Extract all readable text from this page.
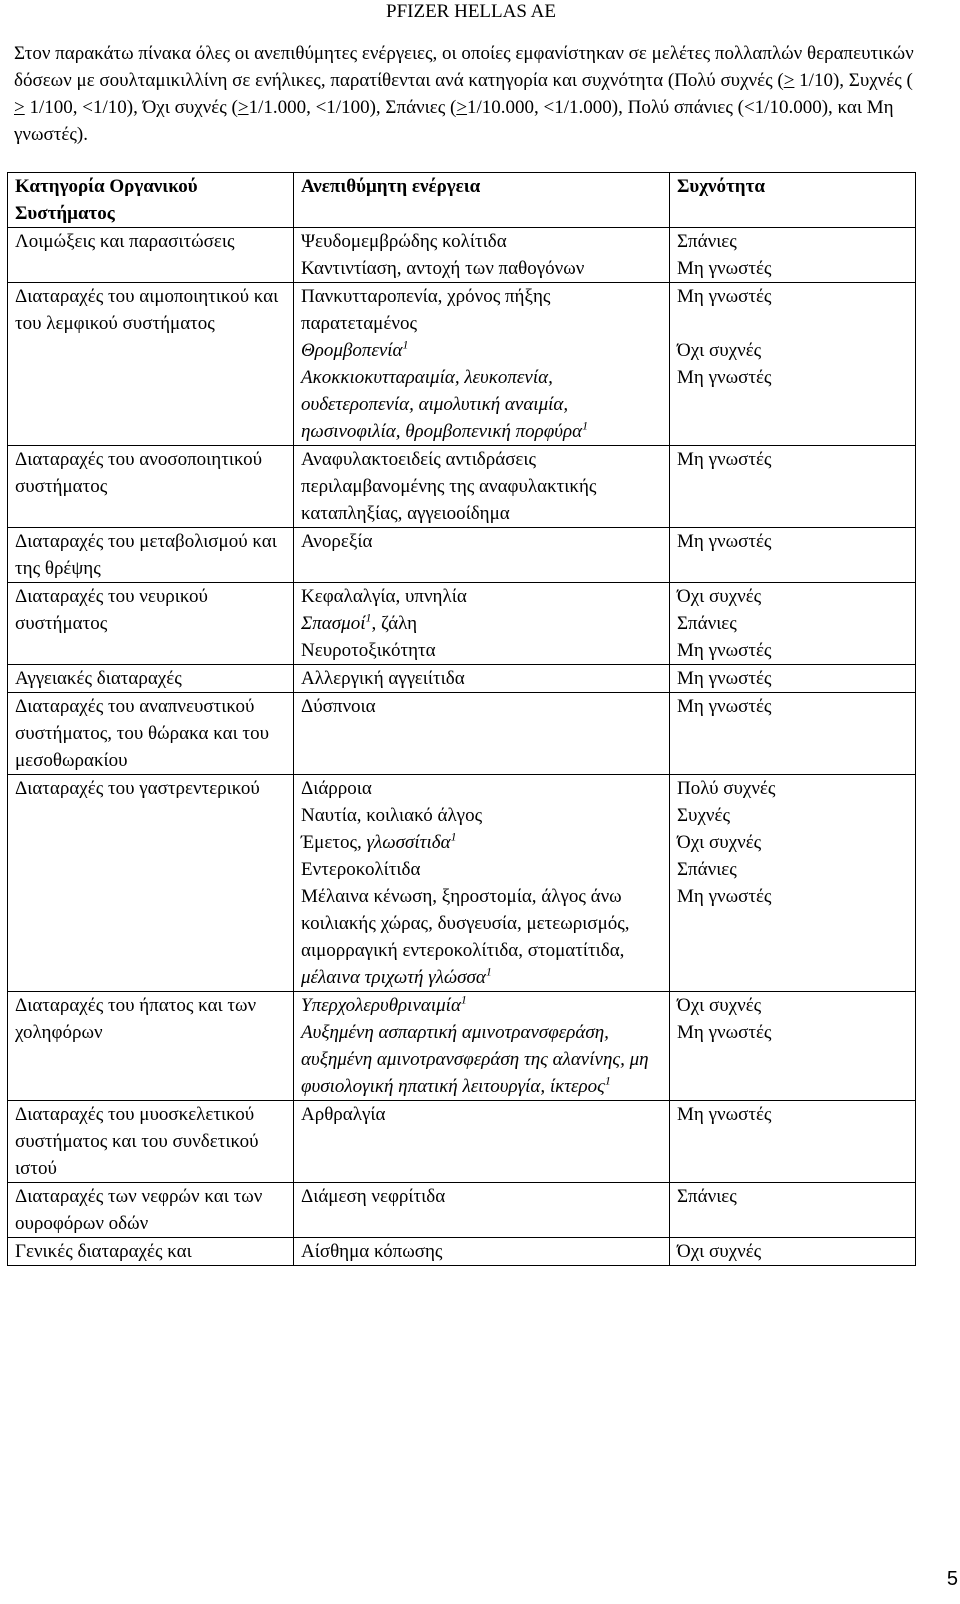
PFIZER HELLAS AE
Στον παρακάτω πίνακα όλες οι ανεπιθύμητες ενέργειες, οι οποίες εμφανίστηκαν σε μελέτες πολλαπλών θεραπευτικών δόσεων με σουλταμικιλλίνη σε ενήλικες, παρατίθενται ανά κατηγορία και συχνότητα (Πολύ συχνές (≥ 1/10), Συχνές (≥ 1/100, <1/10), Όχι συχνές (≥1/1.000, <1/100), Σπάνιες (≥1/10.000, <1/1.000), Πολύ σπάνιες (<1/10.000), και Μη γνωστές).
Κατηγορία Οργανικού Συστήματος	Ανεπιθύμητη ενέργεια	Συχνότητα
Λοιμώξεις και παρασιτώσεις	Ψευδομεμβρώδης κολίτιδα	Σπάνιες
	Καντιντίαση, αντοχή των παθογόνων	Μη γνωστές
Διαταραχές του αιμοποιητικού και του λεμφικού συστήματος	Πανκυτταροπενία, χρόνος πήξης παρατεταμένος	Μη γνωστές
	Θρομβοπενία$^1$	Όχι συχνές
	Ακοκκιοκυτταραιμία, λευκοπενία, ουδετεροπενία, αιμολυτική αναιμία, ηωσινοφιλία, θρομβοπενική πορφύρα$^1$	Μη γνωστές
Διαταραχές του ανοσοποιητικού συστήματος	Αναφυλακτοειδείς αντιδράσεις περιλαμβανομένης της αναφυλακτικής καταπληξίας, αγγειοοίδημα	Μη γνωστές
Διαταραχές του μεταβολισμού και της θρέψης	Ανορεξία	Μη γνωστές
Διαταραχές του νευρικού συστήματος	Κεφαλαλγία, υπνηλία	Όχι συχνές
	Σπασμοί$^1$, ζάλη	Σπάνιες
	Νευροτοξικότητα	Μη γνωστές
Αγγειακές διαταραχές	Αλλεργική αγγειίτιδα	Μη γνωστές
Διαταραχές του αναπνευστικού συστήματος, του θώρακα και του μεσοθωρακίου	Δύσπνοια	Μη γνωστές
Διαταραχές του γαστρεντερικού	Διάρροια	Πολύ συχνές
	Ναυτία, κοιλιακό άλγος	Συχνές
	Έμετος, γλωσσίτιδα$^1$	Όχι συχνές
	Εντεροκολίτιδα	Σπάνιες
	Μέλαινα κένωση, ξηροστομία, άλγος άνω κοιλιακής χώρας, δυσγευσία, μετεωρισμός, αιμορραγική εντεροκολίτιδα, στοματίτιδα, μέλαινα τριχωτή γλώσσα$^1$	Μη γνωστές
Διαταραχές του ήπατος και των χοληφόρων	Υπερχολερυθριναιμία$^1$	Όχι συχνές
	Αυξημένη ασπαρτική αμινοτρανσφεράση, αυξημένη αμινοτρανσφεράση της αλανίνης, μη φυσιολογική ηπατική λειτουργία, ίκτερος$^1$	Μη γνωστές
Διαταραχές του μυοσκελετικού συστήματος και του συνδετικού ιστού	Αρθραλγία	Μη γνωστές
Διαταραχές των νεφρών και των ουροφόρων οδών	Διάμεση νεφρίτιδα	Σπάνιες
Γενικές διαταραχές και	Αίσθημα κόπωσης	Όχι συχνές
5
